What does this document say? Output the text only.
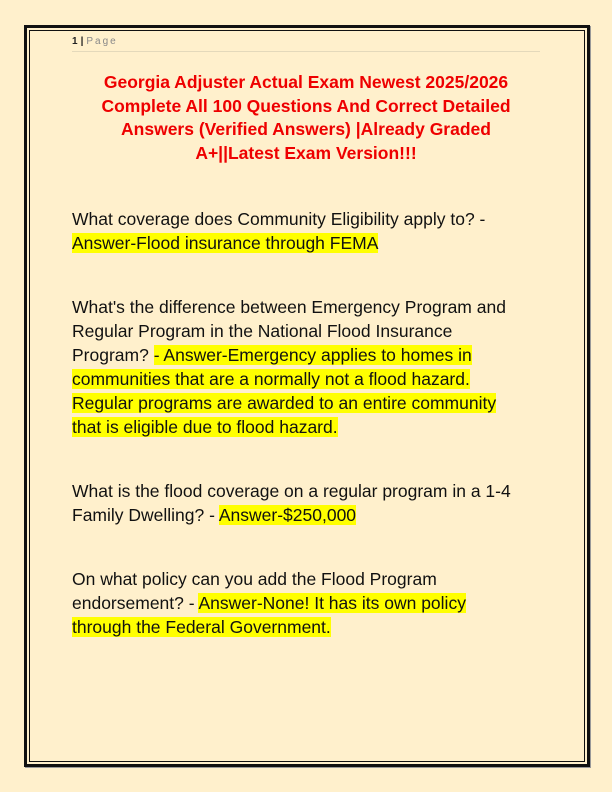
1 | Page
Georgia Adjuster Actual Exam Newest 2025/2026
Complete All 100 Questions And Correct Detailed
Answers (Verified Answers) |Already Graded
A+||Latest Exam Version!!!
What coverage does Community Eligibility apply to? -
Answer-Flood insurance through FEMA
What's the difference between Emergency Program and
Regular Program in the National Flood Insurance
Program? - Answer-Emergency applies to homes in
communities that are a normally not a flood hazard.
Regular programs are awarded to an entire community
that is eligible due to flood hazard.
What is the flood coverage on a regular program in a 1-4
Family Dwelling? - Answer-$250,000
On what policy can you add the Flood Program
endorsement? - Answer-None! It has its own policy
through the Federal Government.
